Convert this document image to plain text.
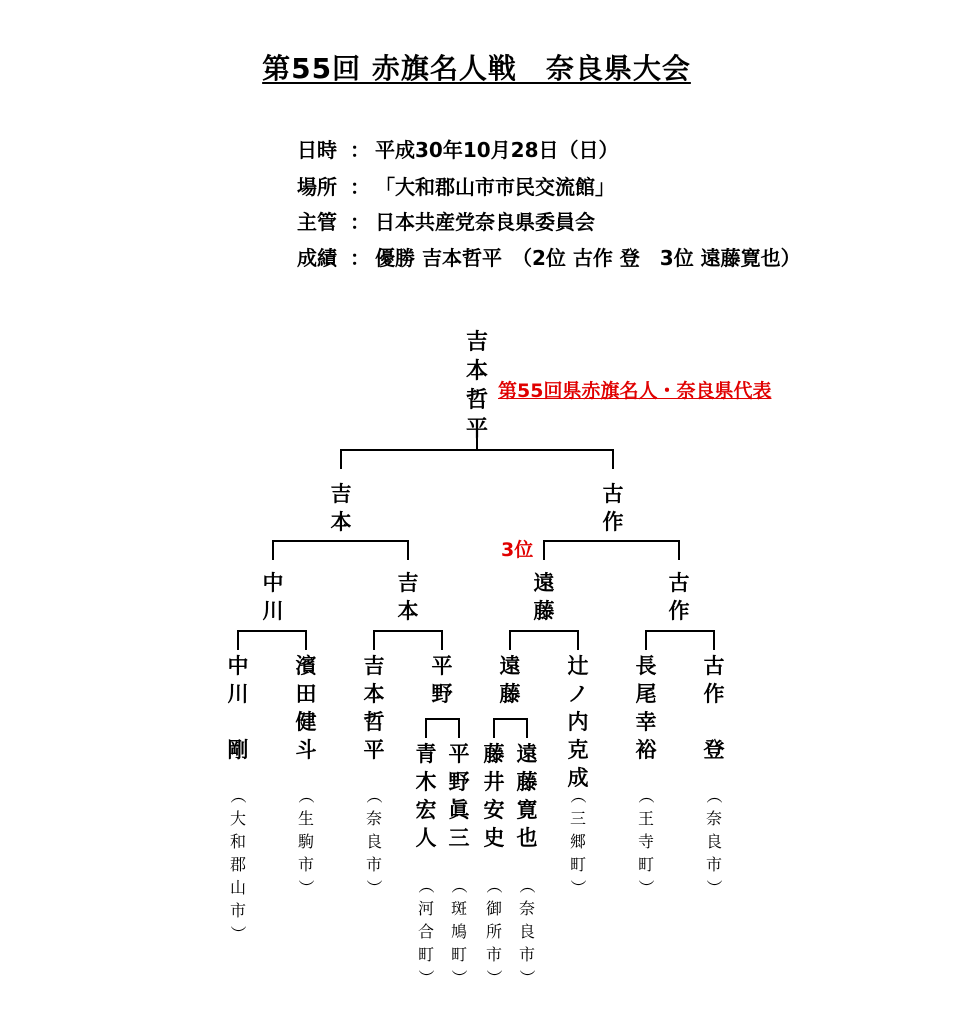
第55回 赤旗名人戦　奈良県大会
日時 ： 平成30年10月28日（日）
場所 ： 「大和郡山市市民交流館」
主管 ： 日本共産党奈良県委員会
成績 ： 優勝 吉本哲平　（2位 古作 登　3位 遠藤寛也）
第55回県赤旗名人・奈良県代表
3位
吉
本
哲
平
吉
本
古
作
中
川
吉
本
遠
藤
古
作
中
川

剛
濱
田
健
斗
吉
本
哲
平
平
野
遠
藤
辻
ノ
内
克
成
長
尾
幸
裕
古
作

登
青
木
宏
人
平
野
眞
三
藤
井
安
史
遠
藤
寛
也
（
大
和
郡
山
市
）
（
生
駒
市
）
（
奈
良
市
）
（
三
郷
町
）
（
王
寺
町
）
（
奈
良
市
）
（
河
合
町
）
（
斑
鳩
町
）
（
御
所
市
）
（
奈
良
市
）
